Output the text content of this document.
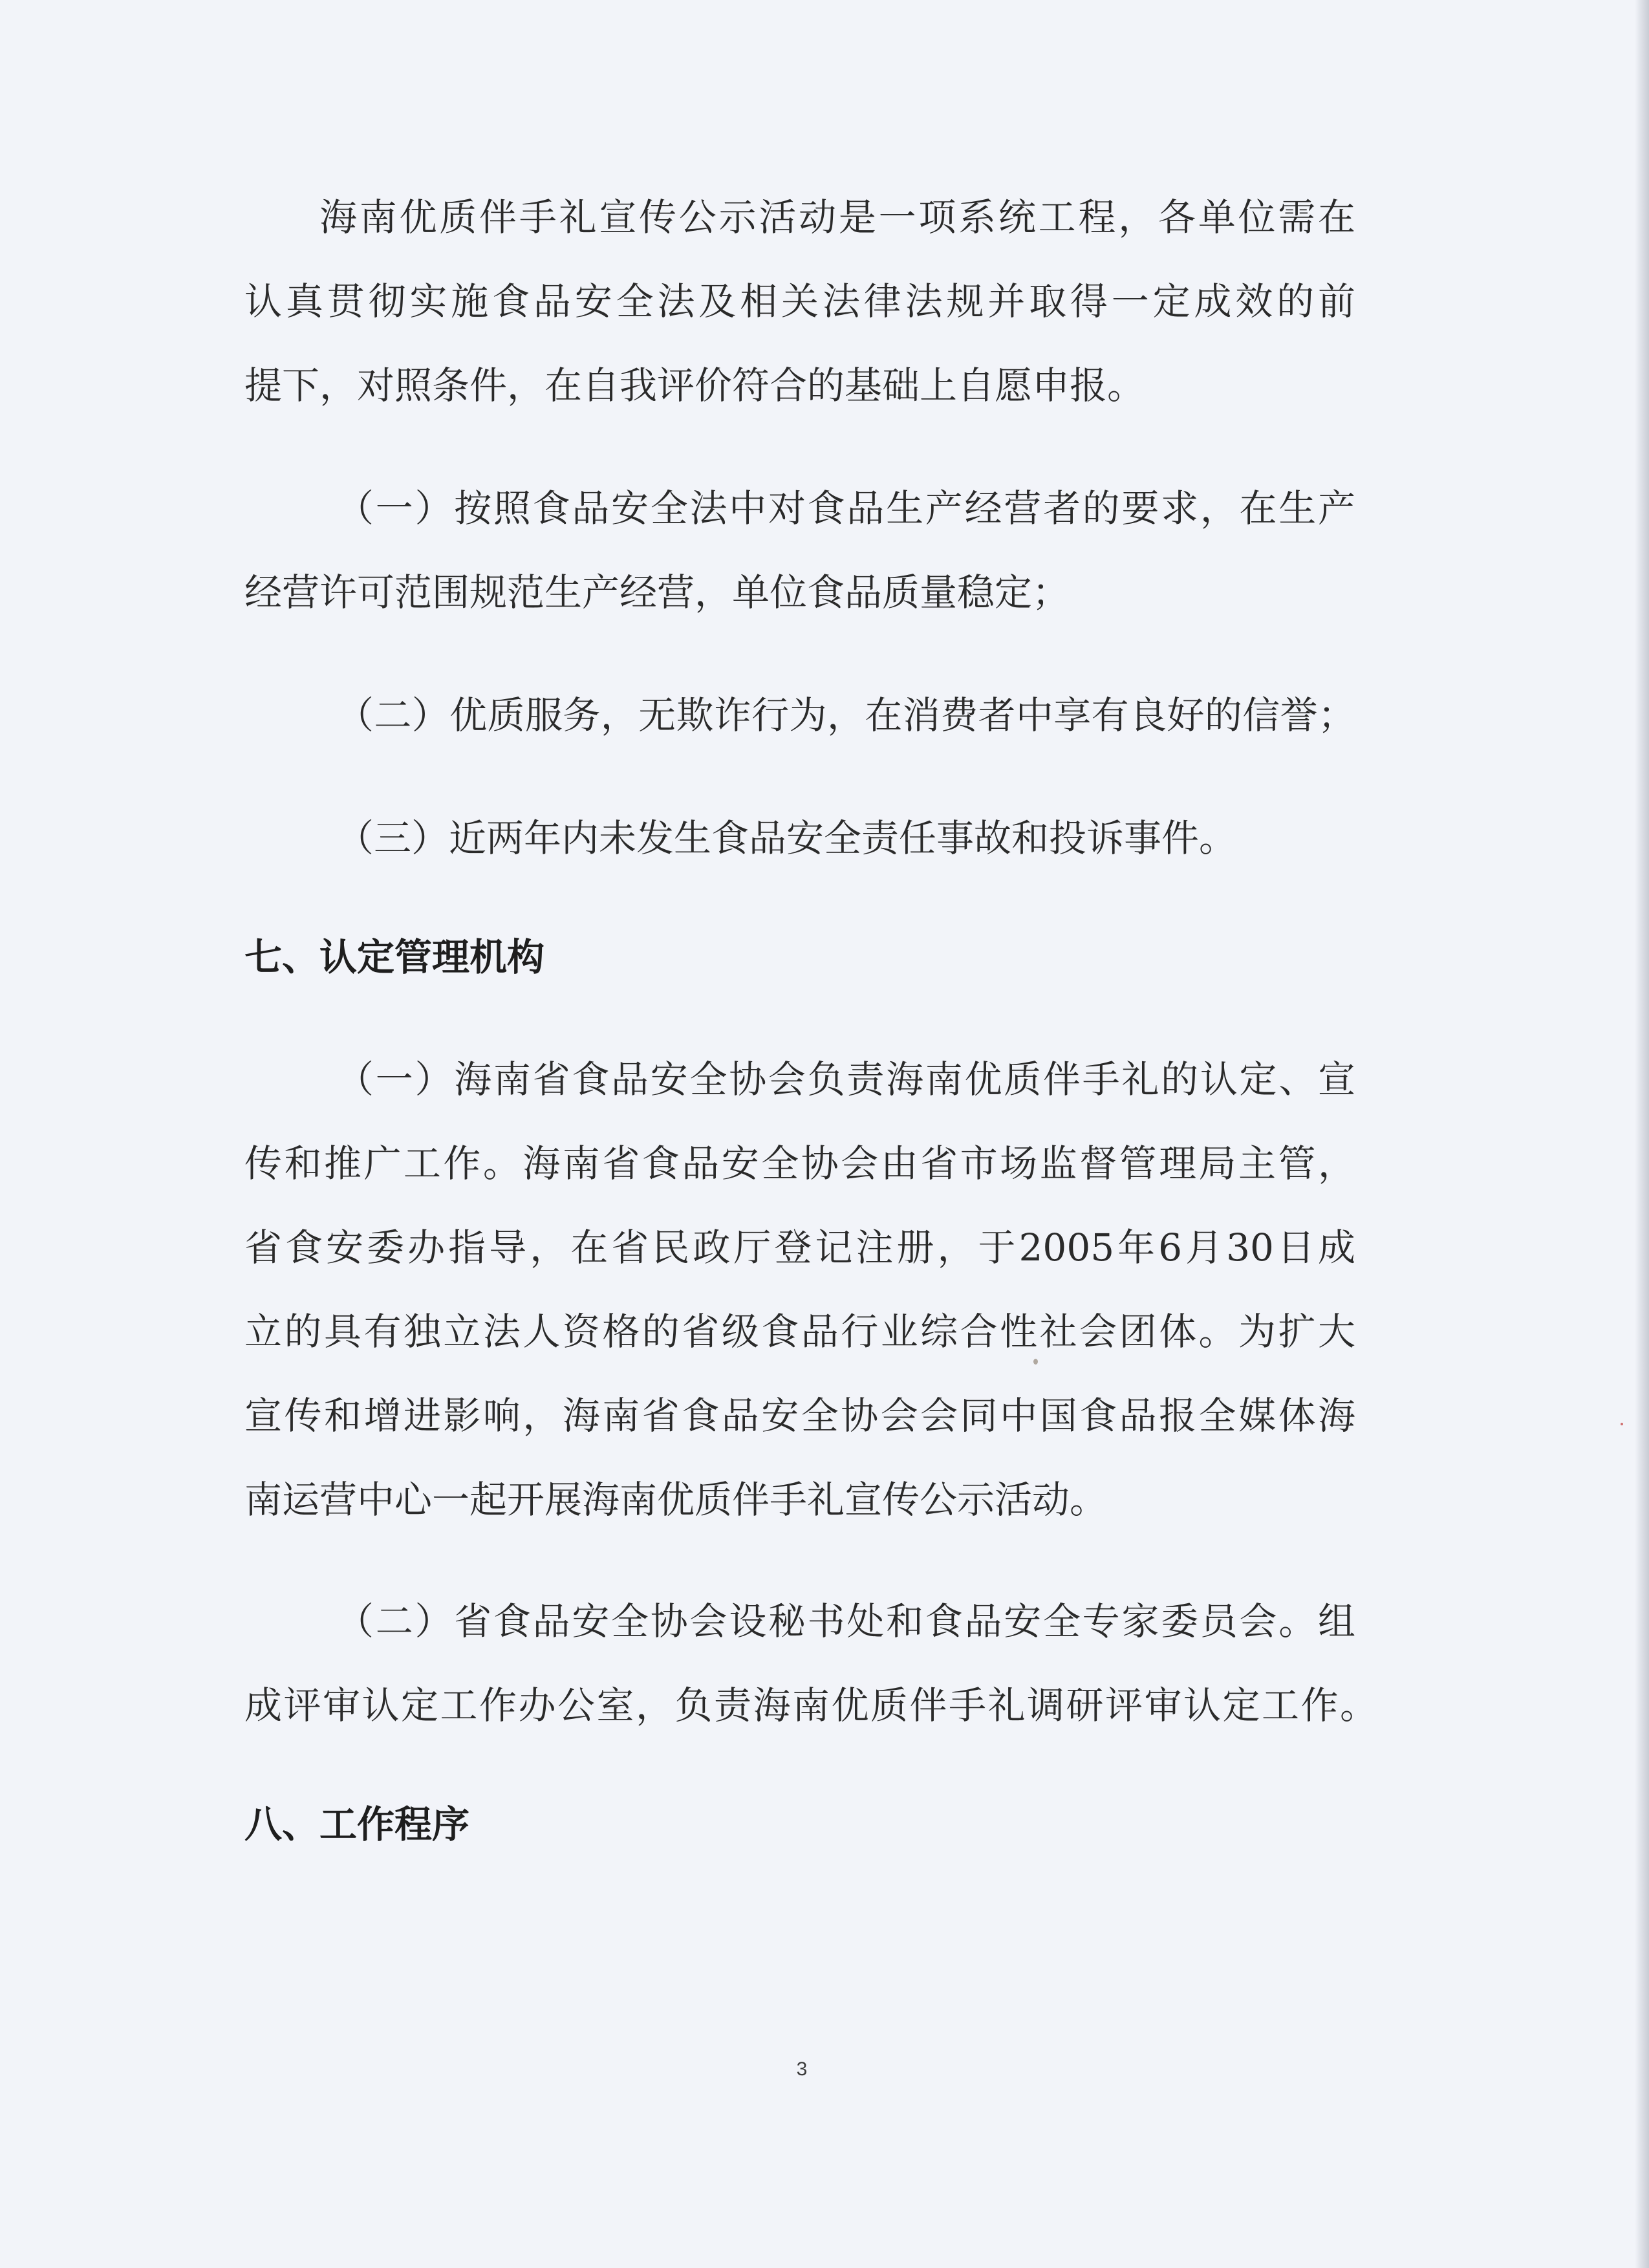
海南优质伴手礼宣传公示活动是一项系统工程，各单位需在
认真贯彻实施食品安全法及相关法律法规并取得一定成效的前
提下，对照条件，在自我评价符合的基础上自愿申报。
（一）按照食品安全法中对食品生产经营者的要求，在生产
经营许可范围规范生产经营，单位食品质量稳定；
（二）优质服务，无欺诈行为，在消费者中享有良好的信誉；
（三）近两年内未发生食品安全责任事故和投诉事件。
七、认定管理机构
（一）海南省食品安全协会负责海南优质伴手礼的认定、宣
传和推广工作。海南省食品安全协会由省市场监督管理局主管，
省食安委办指导，在省民政厅登记注册，于2005年6月30日成
立的具有独立法人资格的省级食品行业综合性社会团体。为扩大
宣传和增进影响，海南省食品安全协会会同中国食品报全媒体海
南运营中心一起开展海南优质伴手礼宣传公示活动。
（二）省食品安全协会设秘书处和食品安全专家委员会。组
成评审认定工作办公室，负责海南优质伴手礼调研评审认定工作。
八、工作程序
3
